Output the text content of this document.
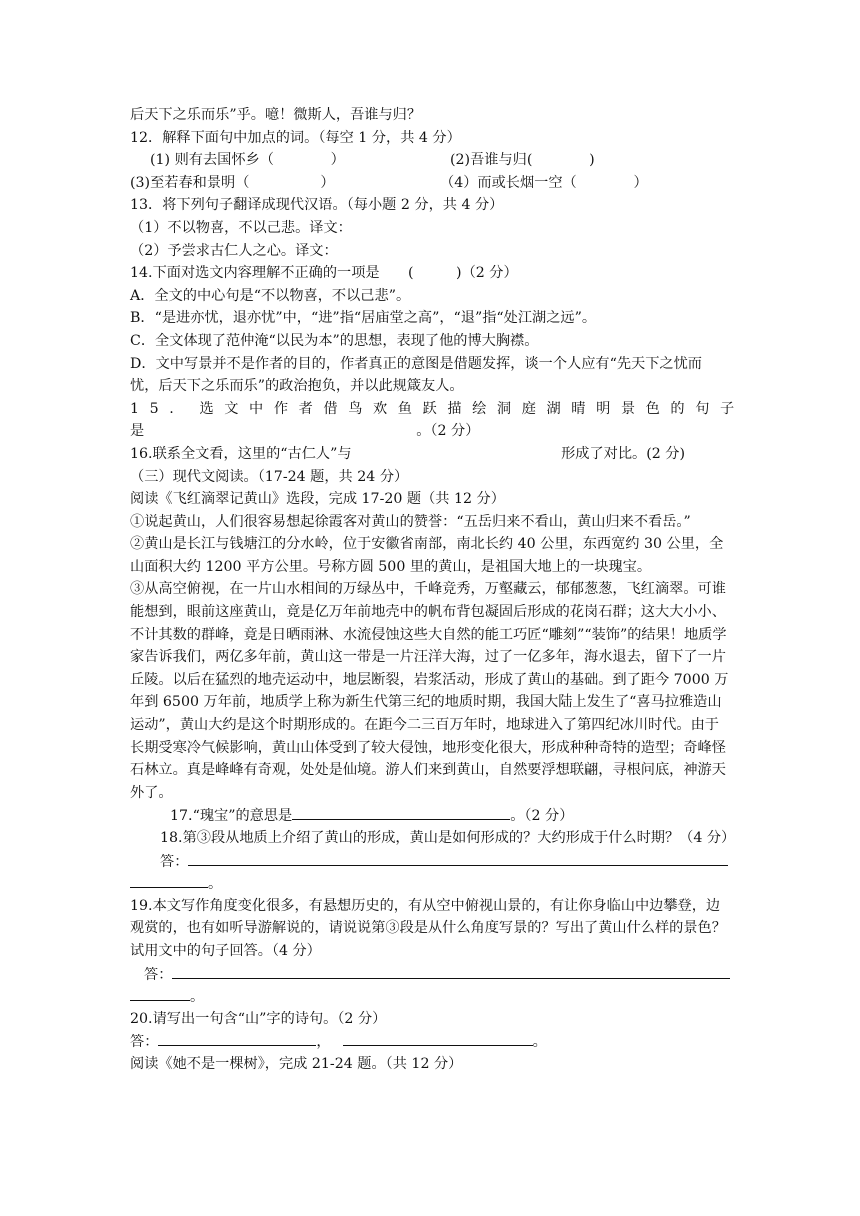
后天下之乐而乐”乎。噫！微斯人，吾谁与归？
12．解释下面句中加点的词。（每空 1 分，共 4 分）
(1) 则有去国怀乡（　　　　）	(2)吾谁与归(　　　　)
(3)至若春和景明（　　　　　）	（4）而或长烟一空（　　　　）
13．将下列句子翻译成现代汉语。（每小题 2 分，共 4 分）
（1）不以物喜，不以己悲。译文：
（2）予尝求古仁人之心。译文：
14.下面对选文内容理解不正确的一项是　　(　　　)（2 分）
A．全文的中心句是“不以物喜，不以己悲”。
B．“是进亦忧，退亦忧”中，“进”指“居庙堂之高”，“退”指“处江湖之远”。
C．全文体现了范仲淹“以民为本”的思想，表现了他的博大胸襟。
D．文中写景并不是作者的目的，作者真正的意图是借题发挥，谈一个人应有“先天下之忧而忧，后天下之乐而乐”的政治抱负，并以此规箴友人。
15. 选文中作者借鸟欢鱼跃描绘洞庭湖晴明景色的句子
是	。（2 分）
16.联系全文看，这里的“古仁人”与	形成了对比。(2 分)
（三）现代文阅读。（17-24 题，共 24 分）
阅读《飞红滴翠记黄山》选段，完成 17-20 题（共 12 分）
①说起黄山，人们很容易想起徐霞客对黄山的赞誉：“五岳归来不看山，黄山归来不看岳。”
②黄山是长江与钱塘江的分水岭，位于安徽省南部，南北长约 40 公里，东西宽约 30 公里，全山面积大约 1200 平方公里。号称方圆 500 里的黄山，是祖国大地上的一块瑰宝。
③从高空俯视，在一片山水相间的万绿丛中，千峰竞秀，万壑藏云，郁郁葱葱，飞红滴翠。可谁能想到，眼前这座黄山，竟是亿万年前地壳中的帆布背包凝固后形成的花岗石群；这大大小小、不计其数的群峰，竟是日晒雨淋、水流侵蚀这些大自然的能工巧匠“雕刻”“装饰”的结果！地质学家告诉我们，两亿多年前，黄山这一带是一片汪洋大海，过了一亿多年，海水退去，留下了一片丘陵。以后在猛烈的地壳运动中，地层断裂，岩浆活动，形成了黄山的基础。到了距今 7000 万年到 6500 万年前，地质学上称为新生代第三纪的地质时期，我国大陆上发生了“喜马拉雅造山运动”，黄山大约是这个时期形成的。在距今二三百万年时，地球进入了第四纪冰川时代。由于长期受寒冷气候影响，黄山山体受到了较大侵蚀，地形变化很大，形成种种奇特的造型；奇峰怪石林立。真是峰峰有奇观，处处是仙境。游人们来到黄山，自然要浮想联翩，寻根问底，神游天外了。
17.“瑰宝”的意思是	。（2 分）
18.第③段从地质上介绍了黄山的形成，黄山是如何形成的？大约形成于什么时期？（4 分）
答：
。
19.本文写作角度变化很多，有悬想历史的，有从空中俯视山景的，有让你身临山中边攀登，边观赏的，也有如听导游解说的，请说说第③段是从什么角度写景的？写出了黄山什么样的景色？试用文中的句子回答。（4 分）
答：
。
20.请写出一句含“山”字的诗句。（2 分）
答：	，	。
阅读《她不是一棵树》，完成 21-24 题。（共 12 分）
